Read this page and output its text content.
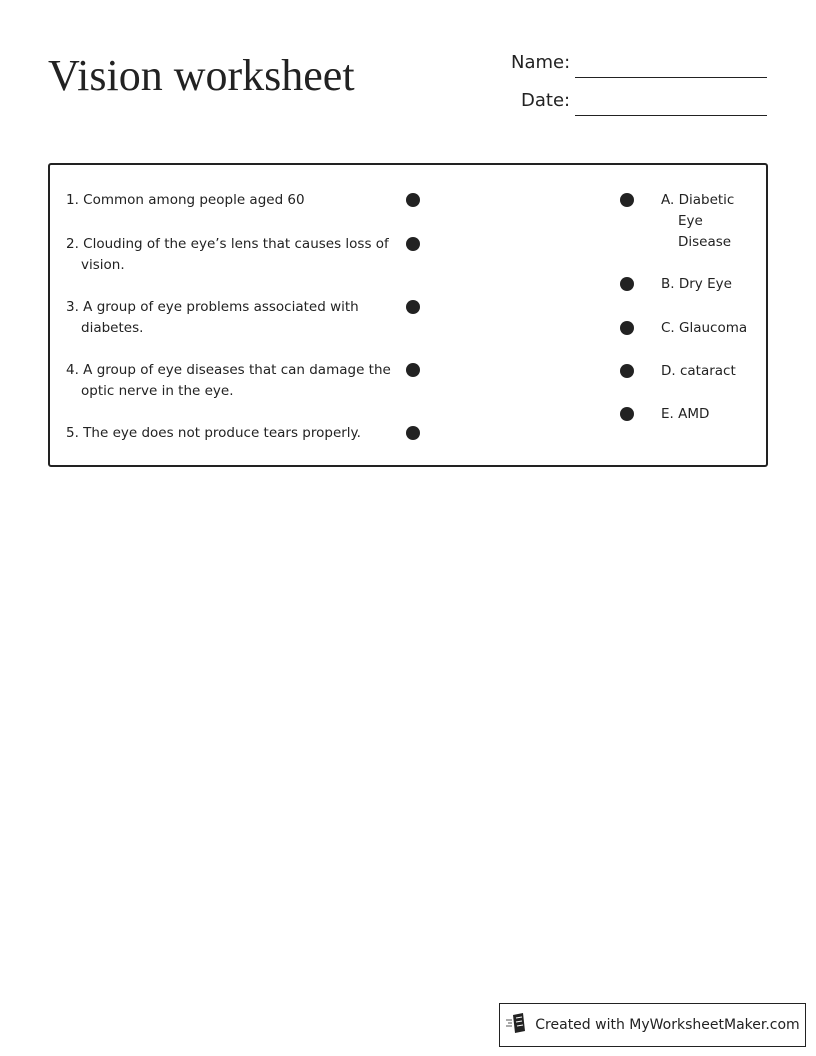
Vision worksheet	Name:
Date:
1. Common among people aged 60
2. Clouding of the eye’s lens that causes loss of vision.
3. A group of eye problems associated with diabetes.
4. A group of eye diseases that can damage the optic nerve in the eye.
5. The eye does not produce tears properly.
A. Diabetic Eye Disease
B. Dry Eye
C. Glaucoma
D. cataract
E. AMD
Created with MyWorksheetMaker.com
